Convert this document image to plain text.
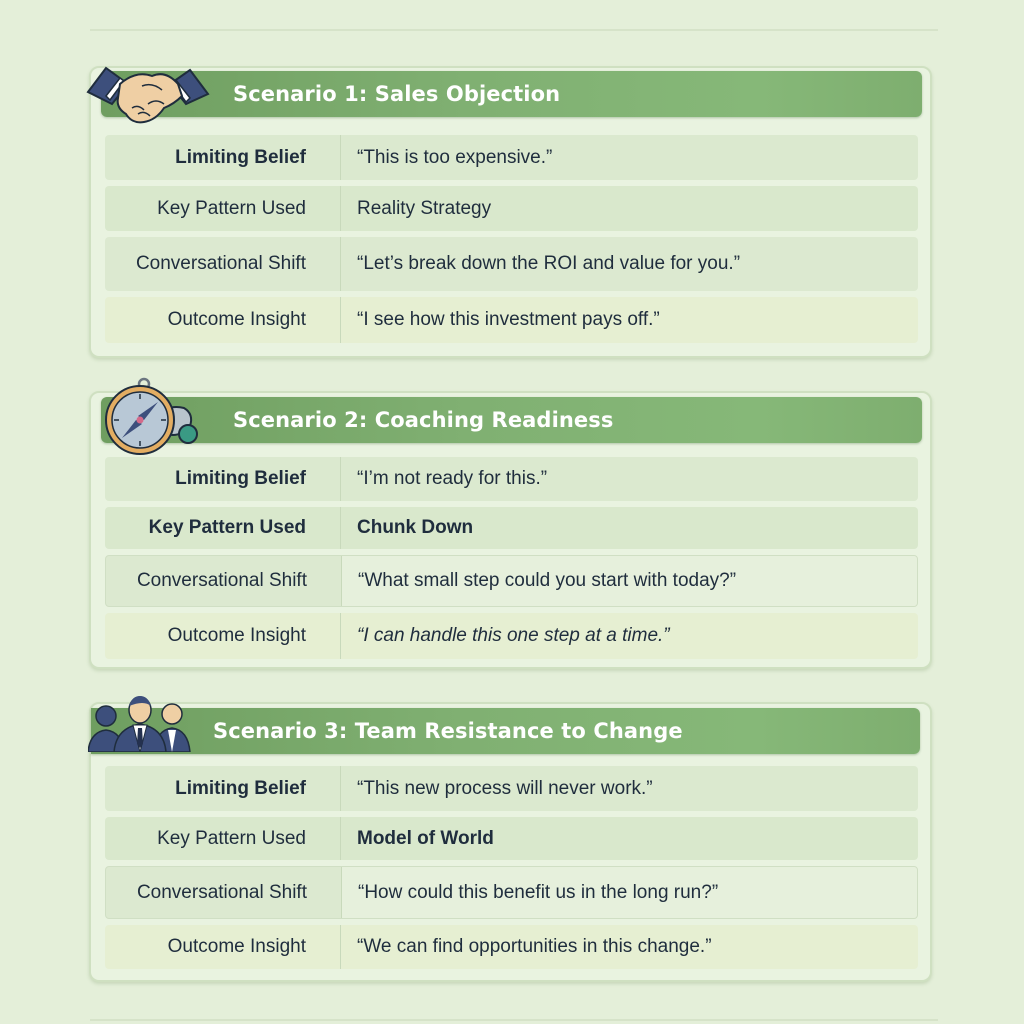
Scenario 1: Sales Objection
Limiting Belief	“This is too expensive.”
Key Pattern Used	Reality Strategy
Conversational Shift	“Let’s break down the ROI and value for you.”
Outcome Insight	“I see how this investment pays off.”
Scenario 2: Coaching Readiness
Limiting Belief	“I’m not ready for this.”
Key Pattern Used	Chunk Down
Conversational Shift	“What small step could you start with today?”
Outcome Insight	“I can handle this one step at a time.”
Scenario 3: Team Resistance to Change
Limiting Belief	“This new process will never work.”
Key Pattern Used	Model of World
Conversational Shift	“How could this benefit us in the long run?”
Outcome Insight	“We can find opportunities in this change.”
